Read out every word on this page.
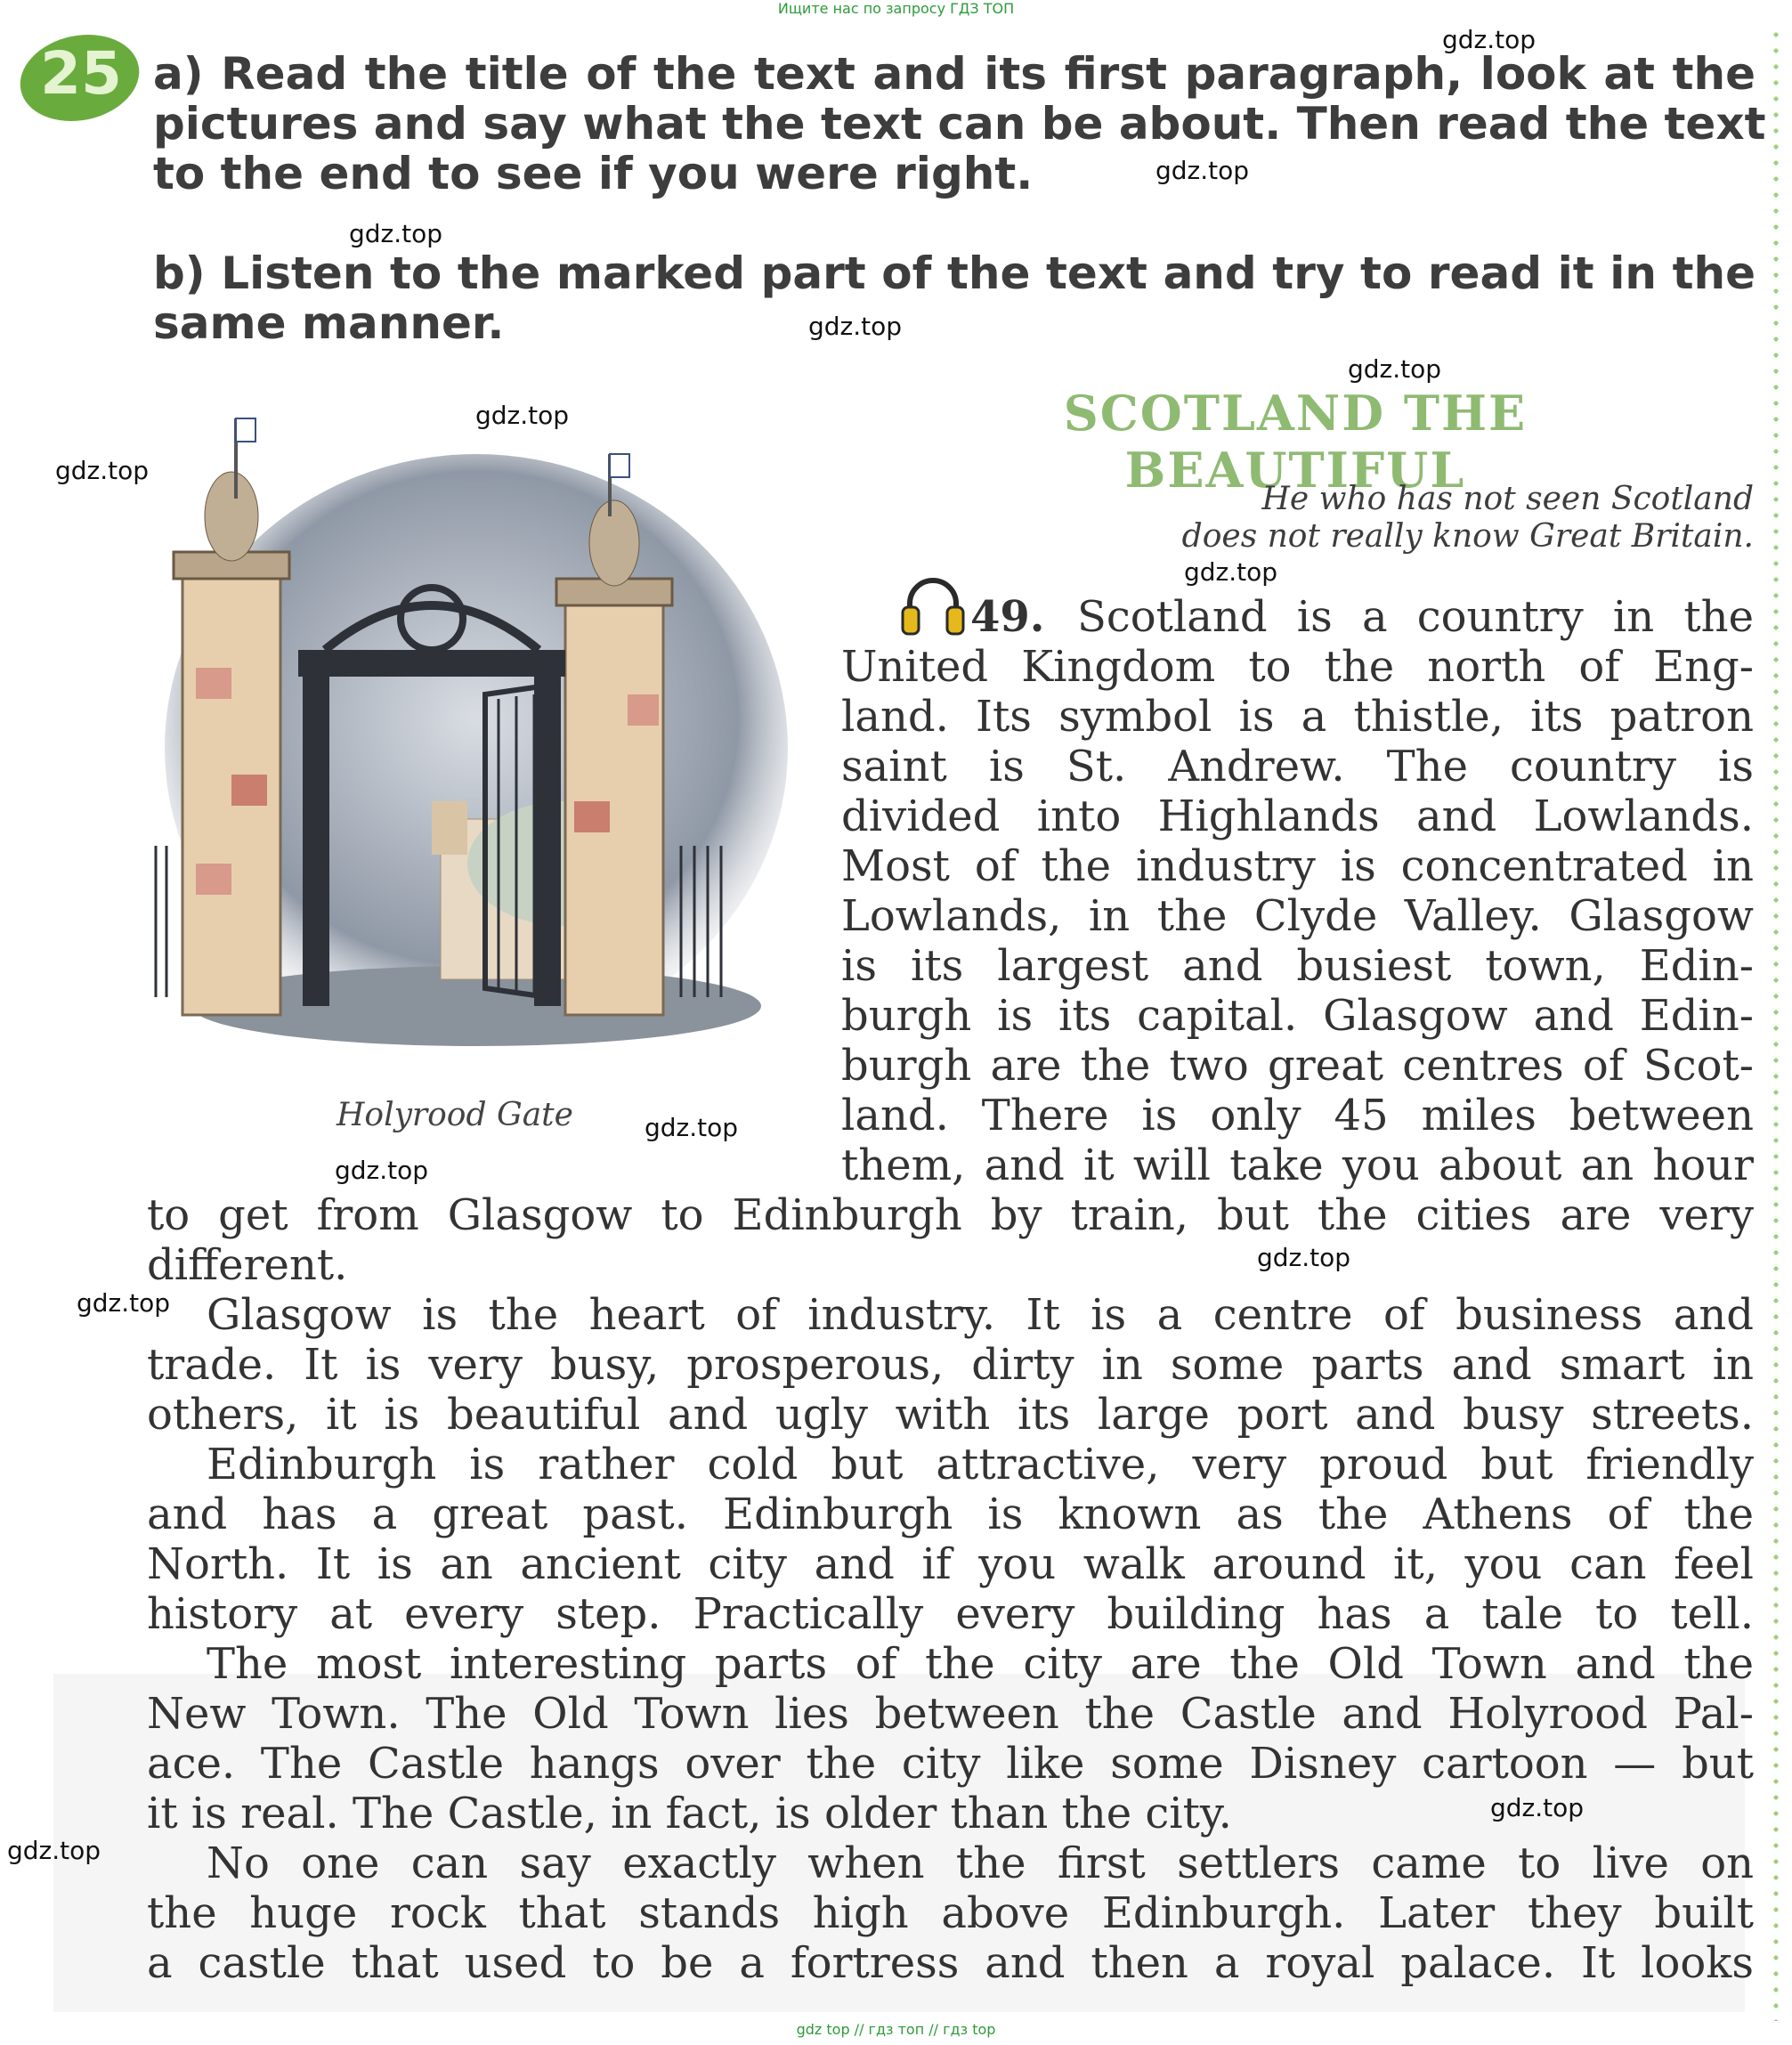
Ищите нас по запросу ГДЗ ТОП
25 a) Read the title of the text and its first paragraph, look at the
pictures and say what the text can be about. Then read the text
to the end to see if you were right.
b) Listen to the marked part of the text and try to read it in the
same manner.
SCOTLAND THE BEAUTIFUL
He who has not seen Scotland
does not really know Great Britain.
Holyrood Gate
49. Scotland is a country in the
United Kingdom to the north of Eng-
land. Its symbol is a thistle, its patron
saint is St. Andrew. The country is
divided into Highlands and Lowlands.
Most of the industry is concentrated in
Lowlands, in the Clyde Valley. Glasgow
is its largest and busiest town, Edin-
burgh is its capital. Glasgow and Edin-
burgh are the two great centres of Scot-
land. There is only 45 miles between
them, and it will take you about an hour
to get from Glasgow to Edinburgh by train, but the cities are very
different.
Glasgow is the heart of industry. It is a centre of business and
trade. It is very busy, prosperous, dirty in some parts and smart in
others, it is beautiful and ugly with its large port and busy streets.
Edinburgh is rather cold but attractive, very proud but friendly
and has a great past. Edinburgh is known as the Athens of the
North. It is an ancient city and if you walk around it, you can feel
history at every step. Practically every building has a tale to tell.
The most interesting parts of the city are the Old Town and the
New Town. The Old Town lies between the Castle and Holyrood Pal-
ace. The Castle hangs over the city like some Disney cartoon — but
it is real. The Castle, in fact, is older than the city.
No one can say exactly when the first settlers came to live on
the huge rock that stands high above Edinburgh. Later they built
a castle that used to be a fortress and then a royal palace. It looks
gdz.top
gdz.top
gdz.top
gdz.top
gdz.top
gdz.top
gdz.top
gdz.top
gdz.top
gdz.top
gdz.top
gdz.top
gdz.top
gdz.top
gdz top // гдз топ // гдз top
